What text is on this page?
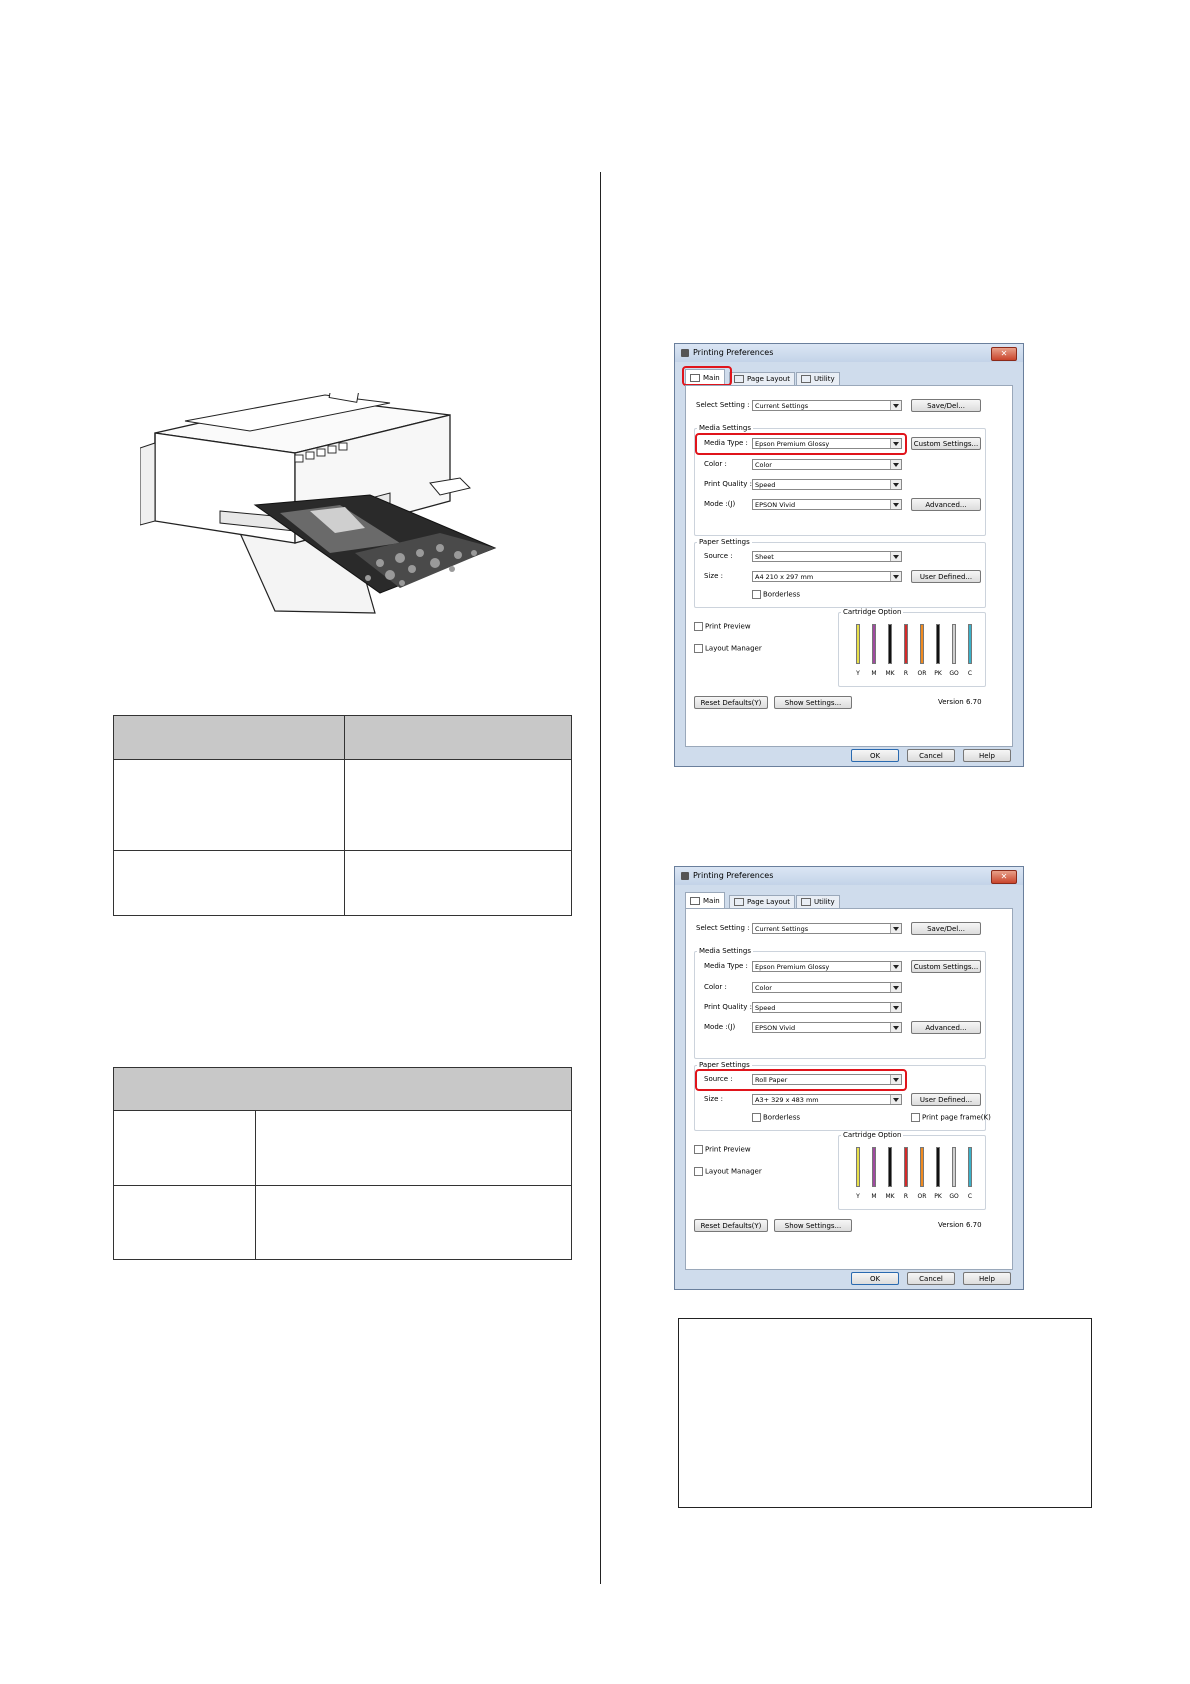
Printing Preferences	✕
Main	Page Layout	Utility
Select Setting : Current Settings	Save/Del...
Media Settings
Media Type : Epson Premium Glossy	Custom Settings...
Color :	Color
Print Quality : Speed
Mode :(J)	EPSON Vivid	Advanced...
Paper Settings
Source :	Sheet
Size :	A4 210 x 297 mm	User Defined...
Borderless
Print Preview
Layout Manager
Cartridge Option
Y	M	MK	R	OR	PK	GO	C
Reset Defaults(Y)	Show Settings...	Version 6.70
OK	Cancel	Help
Printing Preferences	✕
Main	Page Layout	Utility
Select Setting : Current Settings	Save/Del...
Media Settings
Media Type : Epson Premium Glossy	Custom Settings...
Color :	Color
Print Quality : Speed
Mode :(J)	EPSON Vivid	Advanced...
Paper Settings
Source :	Roll Paper
Size :	A3+ 329 x 483 mm	User Defined...
Borderless	Print page frame(K)
Print Preview
Layout Manager
Cartridge Option
Y	M	MK	R	OR	PK	GO	C
Reset Defaults(Y)	Show Settings...	Version 6.70
OK	Cancel	Help
